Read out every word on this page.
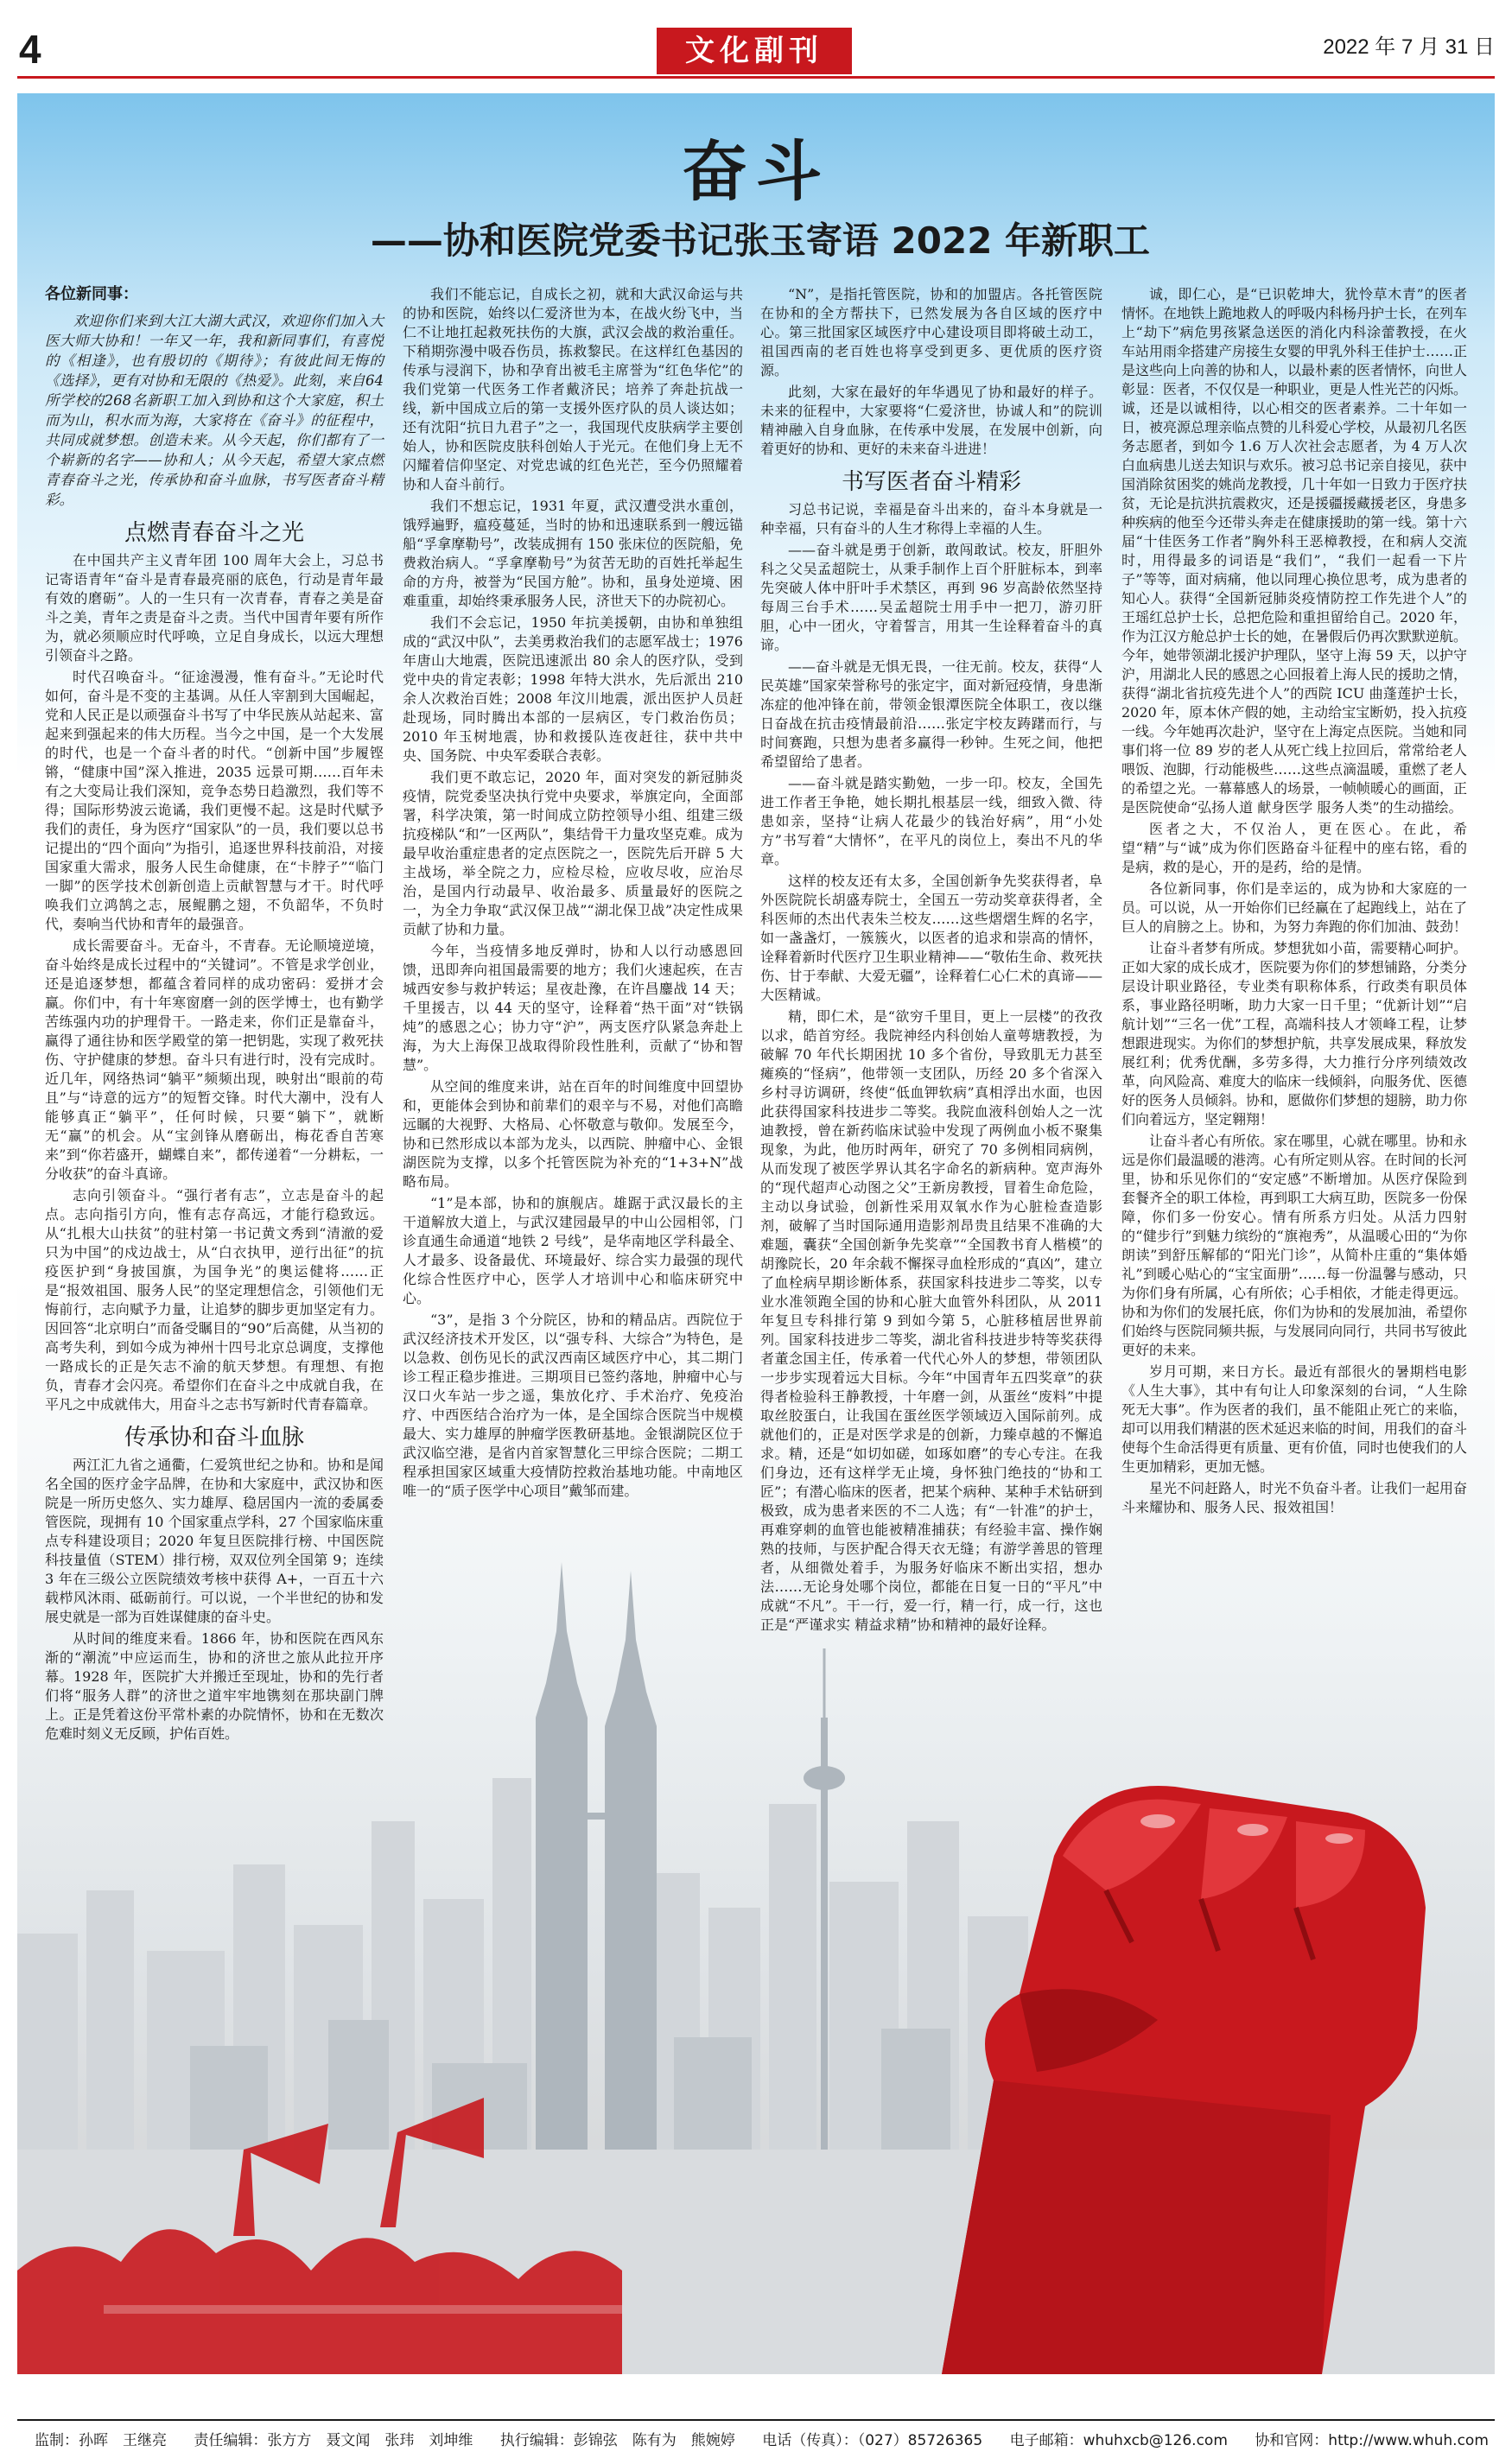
4	文化副刊	2022 年 7 月 31 日
奋斗
——协和医院党委书记张玉寄语 2022 年新职工
各位新同事：

欢迎你们来到大江大湖大武汉，欢迎你们加入大医大师大协和！一年又一年，我和新同事们，有喜悦的《相逢》，也有殷切的《期待》；有彼此间无悔的《选择》，更有对协和无限的《热爱》。此刻，来自64所学校的268名新职工加入到协和这个大家庭，积土而为山，积水而为海，大家将在《奋斗》的征程中，共同成就梦想。创造未来。从今天起，你们都有了一个崭新的名字——协和人；从今天起，希望大家点燃青春奋斗之光，传承协和奋斗血脉，书写医者奋斗精彩。

点燃青春奋斗之光

在中国共产主义青年团 100 周年大会上，习总书记寄语青年“奋斗是青春最亮丽的底色，行动是青年最有效的磨砺”。人的一生只有一次青春，青春之美是奋斗之美，青年之责是奋斗之责。当代中国青年要有所作为，就必须顺应时代呼唤，立足自身成长，以远大理想引领奋斗之路。

时代召唤奋斗。“征途漫漫，惟有奋斗。”无论时代如何，奋斗是不变的主基调。从任人宰割到大国崛起，党和人民正是以顽强奋斗书写了中华民族从站起来、富起来到强起来的伟大历程。当今之中国，是一个大发展的时代，也是一个奋斗者的时代。“创新中国”步履铿锵，“健康中国”深入推进，2035 远景可期……百年未有之大变局让我们深知，竞争态势日趋激烈，我们等不得；国际形势波云诡谲，我们更慢不起。这是时代赋予我们的责任，身为医疗“国家队”的一员，我们要以总书记提出的“四个面向”为指引，追逐世界科技前沿，对接国家重大需求，服务人民生命健康，在“卡脖子”“临门一脚”的医学技术创新创造上贡献智慧与才干。时代呼唤我们立鸿鹄之志，展鲲鹏之翅，不负韶华，不负时代，奏响当代协和青年的最强音。

成长需要奋斗。无奋斗，不青春。无论顺境逆境，奋斗始终是成长过程中的“关键词”。不管是求学创业，还是追逐梦想，都蕴含着同样的成功密码：爱拼才会赢。你们中，有十年寒窗磨一剑的医学博士，也有勤学苦练强内功的护理骨干。一路走来，你们正是靠奋斗，赢得了通往协和医学殿堂的第一把钥匙，实现了救死扶伤、守护健康的梦想。奋斗只有进行时，没有完成时。近几年，网络热词“躺平”频频出现，映射出“眼前的苟且”与“诗意的远方”的短暂交锋。时代大潮中，没有人能够真正“躺平”，任何时候，只要“躺下”，就断无“赢”的机会。从“宝剑锋从磨砺出，梅花香自苦寒来”到“你若盛开，蝴蝶自来”，都传递着“一分耕耘，一分收获”的奋斗真谛。

志向引领奋斗。“强行者有志”，立志是奋斗的起点。志向指引方向，惟有志存高远，才能行稳致远。从“扎根大山扶贫”的驻村第一书记黄文秀到“清澈的爱只为中国”的戍边战士，从“白衣执甲，逆行出征”的抗疫医护到“身披国旗，为国争光”的奥运健将……正是“报效祖国、服务人民”的坚定理想信念，引领他们无悔前行，志向赋予力量，让追梦的脚步更加坚定有力。因回答“北京明白”而备受瞩目的“90”后高健，从当初的高考失利，到如今成为神州十四号北京总调度，支撑他一路成长的正是矢志不渝的航天梦想。有理想、有抱负，青春才会闪亮。希望你们在奋斗之中成就自我，在平凡之中成就伟大，用奋斗之志书写新时代青春篇章。

传承协和奋斗血脉

两江汇九省之通衢，仁爱筑世纪之协和。协和是闻名全国的医疗金字品牌，在协和大家庭中，武汉协和医院是一所历史悠久、实力雄厚、稳居国内一流的委属委管医院，现拥有 10 个国家重点学科，27 个国家临床重点专科建设项目；2020 年复旦医院排行榜、中国医院科技量值（STEM）排行榜，双双位列全国第 9；连续 3 年在三级公立医院绩效考核中获得 A+，一百五十六载栉风沐雨、砥砺前行。可以说，一个半世纪的协和发展史就是一部为百姓谋健康的奋斗史。

从时间的维度来看。1866 年，协和医院在西风东渐的“潮流”中应运而生，协和的济世之旅从此拉开序幕。1928 年，医院扩大并搬迁至现址，协和的先行者们将“服务人群”的济世之道牢牢地镌刻在那块副门牌上。正是凭着这份平常朴素的办院情怀，协和在无数次危难时刻义无反顾，护佑百姓。

我们不能忘记，自成长之初，就和大武汉命运与共的协和医院，始终以仁爱济世为本，在战火纷飞中，当仁不让地扛起救死扶伤的大旗，武汉会战的救治重任。下稍期弥漫中吸吞伤员，拣救黎民。在这样红色基因的传承与浸润下，协和孕育出被毛主席誉为“红色华佗”的我们党第一代医务工作者戴济民；培养了奔赴抗战一线，新中国成立后的第一支援外医疗队的员人谈达如；还有沈阳“抗日九君子”之一，我国现代皮肤病学主要创始人，协和医院皮肤科创始人于光元。在他们身上无不闪耀着信仰坚定、对党忠诚的红色光芒，至今仍照耀着协和人奋斗前行。

我们不想忘记，1931 年夏，武汉遭受洪水重创，饿殍遍野，瘟疫蔓延，当时的协和迅速联系到一艘远锚船“孚拿摩勒号”，改装成拥有 150 张床位的医院船，免费救治病人。“孚拿摩勒号”为贫苦无助的百姓托举起生命的方舟，被誉为“民国方舱”。协和，虽身处逆境、困难重重，却始终秉承服务人民，济世天下的办院初心。

我们不会忘记，1950 年抗美援朝，由协和单独组成的“武汉中队”，去美勇救治我们的志愿军战士；1976 年唐山大地震，医院迅速派出 80 余人的医疗队，受到党中央的肯定表彰；1998 年特大洪水，先后派出 210 余人次救治百姓；2008 年汶川地震，派出医护人员赶赴现场，同时腾出本部的一层病区，专门救治伤员；2010 年玉树地震，协和救援队连夜赶往，获中共中央、国务院、中央军委联合表彰。

我们更不敢忘记，2020 年，面对突发的新冠肺炎疫情，院党委坚决执行党中央要求，举旗定向，全面部署，科学决策，第一时间成立防控领导小组、组建三级抗疫梯队“和”一区两队”，集结骨干力量攻坚克难。成为最早收治重症患者的定点医院之一，医院先后开辟 5 大主战场，举全院之力，应检尽检，应收尽收，应治尽治，是国内行动最早、收治最多、质量最好的医院之一，为全力争取“武汉保卫战”“湖北保卫战”决定性成果贡献了协和力量。

今年，当疫情多地反弹时，协和人以行动感恩回馈，迅即奔向祖国最需要的地方；我们火速起疾，在吉城西安参与救护转运；星夜赴豫，在许昌鏖战 14 天；千里援吉，以 44 天的坚守，诠释着“热干面”对“铁锅炖”的感恩之心；协力守“沪”，两支医疗队紧急奔赴上海，为大上海保卫战取得阶段性胜利，贡献了“协和智慧”。

从空间的维度来讲，站在百年的时间维度中回望协和，更能体会到协和前辈们的艰辛与不易，对他们高瞻远瞩的大视野、大格局、心怀敬意与敬仰。发展至今，协和已然形成以本部为龙头，以西院、肿瘤中心、金银湖医院为支撑，以多个托管医院为补充的“1+3+N”战略布局。

“1”是本部，协和的旗舰店。雄踞于武汉最长的主干道解放大道上，与武汉建园最早的中山公园相邻，门诊直通生命通道“地铁 2 号线”，是华南地区学科最全、人才最多、设备最优、环境最好、综合实力最强的现代化综合性医疗中心，医学人才培训中心和临床研究中心。

“3”，是指 3 个分院区，协和的精品店。西院位于武汉经济技术开发区，以“强专科、大综合”为特色，是以急救、创伤见长的武汉西南区域医疗中心，其二期门诊工程正稳步推进。三期项目已签约落地，肿瘤中心与汉口火车站一步之遥，集放化疗、手术治疗、免疫治疗、中西医结合治疗为一体，是全国综合医院当中规模最大、实力雄厚的肿瘤学医教研基地。金银湖院区位于武汉临空港，是省内首家智慧化三甲综合医院；二期工程承担国家区域重大疫情防控救治基地功能。中南地区唯一的“质子医学中心项目”戴邹而建。

“N”，是指托管医院，协和的加盟店。各托管医院在协和的全方帮扶下，已然发展为各自区域的医疗中心。第三批国家区域医疗中心建设项目即将破土动工，祖国西南的老百姓也将享受到更多、更优质的医疗资源。

此刻，大家在最好的年华遇见了协和最好的样子。未来的征程中，大家要将“仁爱济世，协诚人和”的院训精神融入自身血脉，在传承中发展，在发展中创新，向着更好的协和、更好的未来奋斗进进！

书写医者奋斗精彩

习总书记说，幸福是奋斗出来的，奋斗本身就是一种幸福，只有奋斗的人生才称得上幸福的人生。

——奋斗就是勇于创新，敢闯敢试。校友，肝胆外科之父吴孟超院士，从秉手制作上百个肝脏标本，到率先突破人体中肝叶手术禁区，再到 96 岁高龄依然坚持每周三台手术……吴孟超院士用手中一把刀，游刃肝胆，心中一团火，守着誓言，用其一生诠释着奋斗的真谛。

——奋斗就是无惧无畏，一往无前。校友，获得“人民英雄”国家荣誉称号的张定宇，面对新冠疫情，身患渐冻症的他冲锋在前，带领金银潭医院全体职工，夜以继日奋战在抗击疫情最前沿……张定宇校友踌躇而行，与时间赛跑，只想为患者多赢得一秒钟。生死之间，他把希望留给了患者。

——奋斗就是踏实勤勉，一步一印。校友，全国先进工作者王争艳，她长期扎根基层一线，细致入微、待患如亲，坚持“让病人花最少的钱治好病”，用“小处方”书写着“大情怀”，在平凡的岗位上，奏出不凡的华章。

这样的校友还有太多，全国创新争先奖获得者，阜外医院院长胡盛寿院士，全国五一劳动奖章获得者，全科医师的杰出代表朱兰校友……这些熠熠生辉的名字，如一盏盏灯，一簇簇火，以医者的追求和崇高的情怀，诠释着新时代医疗卫生职业精神——“敬佑生命、救死扶伤、甘于奉献、大爱无疆”，诠释着仁心仁术的真谛——大医精诚。

精，即仁术，是“欲穷千里目，更上一层楼”的孜孜以求，皓首穷经。我院神经内科创始人童萼塘教授，为破解 70 年代长期困扰 10 多个省份，导致肌无力甚至瘫痪的“怪病”，他带领一支团队，历经 20 多个省深入乡村寻访调研，终使“低血钾软病”真相浮出水面，也因此获得国家科技进步二等奖。我院血液科创始人之一沈迪教授，曾在新药临床试验中发现了两例血小板不聚集现象，为此，他历时两年，研究了 70 多例相同病例，从而发现了被医学界认其名字命名的新病种。宽声海外的“现代超声心动图之父”王新房教授，冒着生命危险，主动以身试验，创新性采用双氧水作为心脏检查造影剂，破解了当时国际通用造影剂昂贵且结果不准确的大难题，囊获“全国创新争先奖章”“全国教书育人楷模”的胡豫院长，20 年余载不懈探寻血栓形成的“真凶”，建立了血栓病早期诊断体系，获国家科技进步二等奖，以专业水准领跑全国的协和心脏大血管外科团队，从 2011 年复旦专科排行第 9 到如今第 5，心脏移植居世界前列。国家科技进步二等奖，湖北省科技进步特等奖获得者董念国主任，传承着一代代心外人的梦想，带领团队一步步实现着远大目标。今年“中国青年五四奖章”的获得者检验科王静教授，十年磨一剑，从蛋丝“废料”中提取丝胶蛋白，让我国在蛋丝医学领域迈入国际前列。成就他们的，正是对医学求是的创新，力臻卓越的不懈追求。精，还是“如切如磋，如琢如磨”的专心专注。在我们身边，还有这样学无止境，身怀独门绝技的“协和工匠”；有潜心临床的医者，把某个病种、某种手术钻研到极致，成为患者来医的不二人选；有“一针准”的护士，再难穿刺的血管也能被精准捕获；有经验丰富、操作娴熟的技师，与医护配合得天衣无缝；有游学善思的管理者，从细微处着手，为服务好临床不断出实招，想办法……无论身处哪个岗位，都能在日复一日的“平凡”中成就“不凡”。干一行，爱一行，精一行，成一行，这也正是“严谨求实 精益求精”协和精神的最好诠释。

诚，即仁心，是“已识乾坤大，犹怜草木青”的医者情怀。在地铁上跪地救人的呼吸内科杨丹护士长，在列车上“劫下”病危男孩紧急送医的消化内科涂蕾教授，在火车站用雨伞搭建产房接生女婴的甲乳外科王佳护士……正是这些向上向善的协和人，以最朴素的医者情怀，向世人彰显：医者，不仅仅是一种职业，更是人性光芒的闪烁。诚，还是以诚相待，以心相交的医者素养。二十年如一日，被亮源总理亲临点赞的儿科爱心学校，从最初几名医务志愿者，到如今 1.6 万人次社会志愿者，为 4 万人次白血病患儿送去知识与欢乐。被习总书记亲自接见，获中国消除贫困奖的姚尚龙教授，几十年如一日致力于医疗扶贫，无论是抗洪抗震救灾，还是援疆援藏援老区，身患多种疾病的他至今还带头奔走在健康援助的第一线。第十六届“十佳医务工作者”胸外科王恶樟教授，在和病人交流时，用得最多的词语是“我们”，“我们一起看一下片子”等等，面对病痛，他以同理心换位思考，成为患者的知心人。获得“全国新冠肺炎疫情防控工作先进个人”的王瑶红总护士长，总把危险和重担留给自己。2020 年，作为江汉方舱总护士长的她，在暑假后仍再次默默逆航。今年，她带领湖北援沪护理队，坚守上海 59 天，以护守沪，用湖北人民的感恩之心回报着上海人民的援助之情，获得“湖北省抗疫先进个人”的西院 ICU 曲蓬莲护士长，2020 年，原本休产假的她，主动给宝宝断奶，投入抗疫一线。今年她再次赴沪，坚守在上海定点医院。当她和同事们将一位 89 岁的老人从死亡线上拉回后，常常给老人喂饭、泡脚，行动能极些……这些点滴温暖，重燃了老人的希望之光。一幕幕感人的场景，一帧帧暖心的画面，正是医院使命“弘扬人道 献身医学 服务人类”的生动描绘。

医者之大，不仅治人，更在医心。在此，希望“精”与“诚”成为你们医路奋斗征程中的座右铭，看的是病，救的是心，开的是药，给的是情。

各位新同事，你们是幸运的，成为协和大家庭的一员。可以说，从一开始你们已经赢在了起跑线上，站在了巨人的肩膀之上。协和，为努力奔跑的你们加油、鼓劲！

让奋斗者梦有所成。梦想犹如小苗，需要精心呵护。正如大家的成长成才，医院要为你们的梦想铺路，分类分层设计职业路径，专业类有职称体系，行政类有职员体系，事业路径明晰，助力大家一日千里；“优新计划”“启航计划”“三名一优”工程，高端科技人才领峰工程，让梦想跟进现实。为你们的梦想护航，共享发展成果，释放发展红利；优秀优酬，多劳多得，大力推行分序列绩效改革，向风险高、难度大的临床一线倾斜，向服务优、医德好的医务人员倾斜。协和，愿做你们梦想的翅膀，助力你们向着远方，坚定翱翔！

让奋斗者心有所依。家在哪里，心就在哪里。协和永远是你们最温暖的港湾。心有所定则从容。在时间的长河里，协和乐见你们的“安定感”不断增加。从医疗保险到套餐齐全的职工体检，再到职工大病互助，医院多一份保障，你们多一份安心。情有所系方归处。从活力四射的“健步行”到魅力缤纷的“旗袍秀”，从温暖心田的“为你朗读”到舒压解郁的“阳光门诊”，从简朴庄重的“集体婚礼”到暖心贴心的“宝宝面册”……每一份温馨与感动，只为你们身有所属，心有所依；心手相依，才能走得更远。协和为你们的发展托底，你们为协和的发展加油，希望你们始终与医院同频共振，与发展同向同行，共同书写彼此更好的未来。

岁月可期，来日方长。最近有部很火的暑期档电影《人生大事》，其中有句让人印象深刻的台词，“人生除死无大事”。作为医者的我们，虽不能阻止死亡的来临，却可以用我们精湛的医术延迟来临的时间，用我们的奋斗使每个生命活得更有质量、更有价值，同时也使我们的人生更加精彩，更加无憾。

星光不问赶路人，时光不负奋斗者。让我们一起用奋斗来耀协和、服务人民、报效祖国！

监制：孙晖　王继亮 责任编辑：张方方　聂文闻　张玮　刘坤维 执行编辑：彭锦弦　陈有为　熊婉婷 电话（传真）：（027）85726365 电子邮箱：whuhxcb@126.com 协和官网：http://www.whuh.com
